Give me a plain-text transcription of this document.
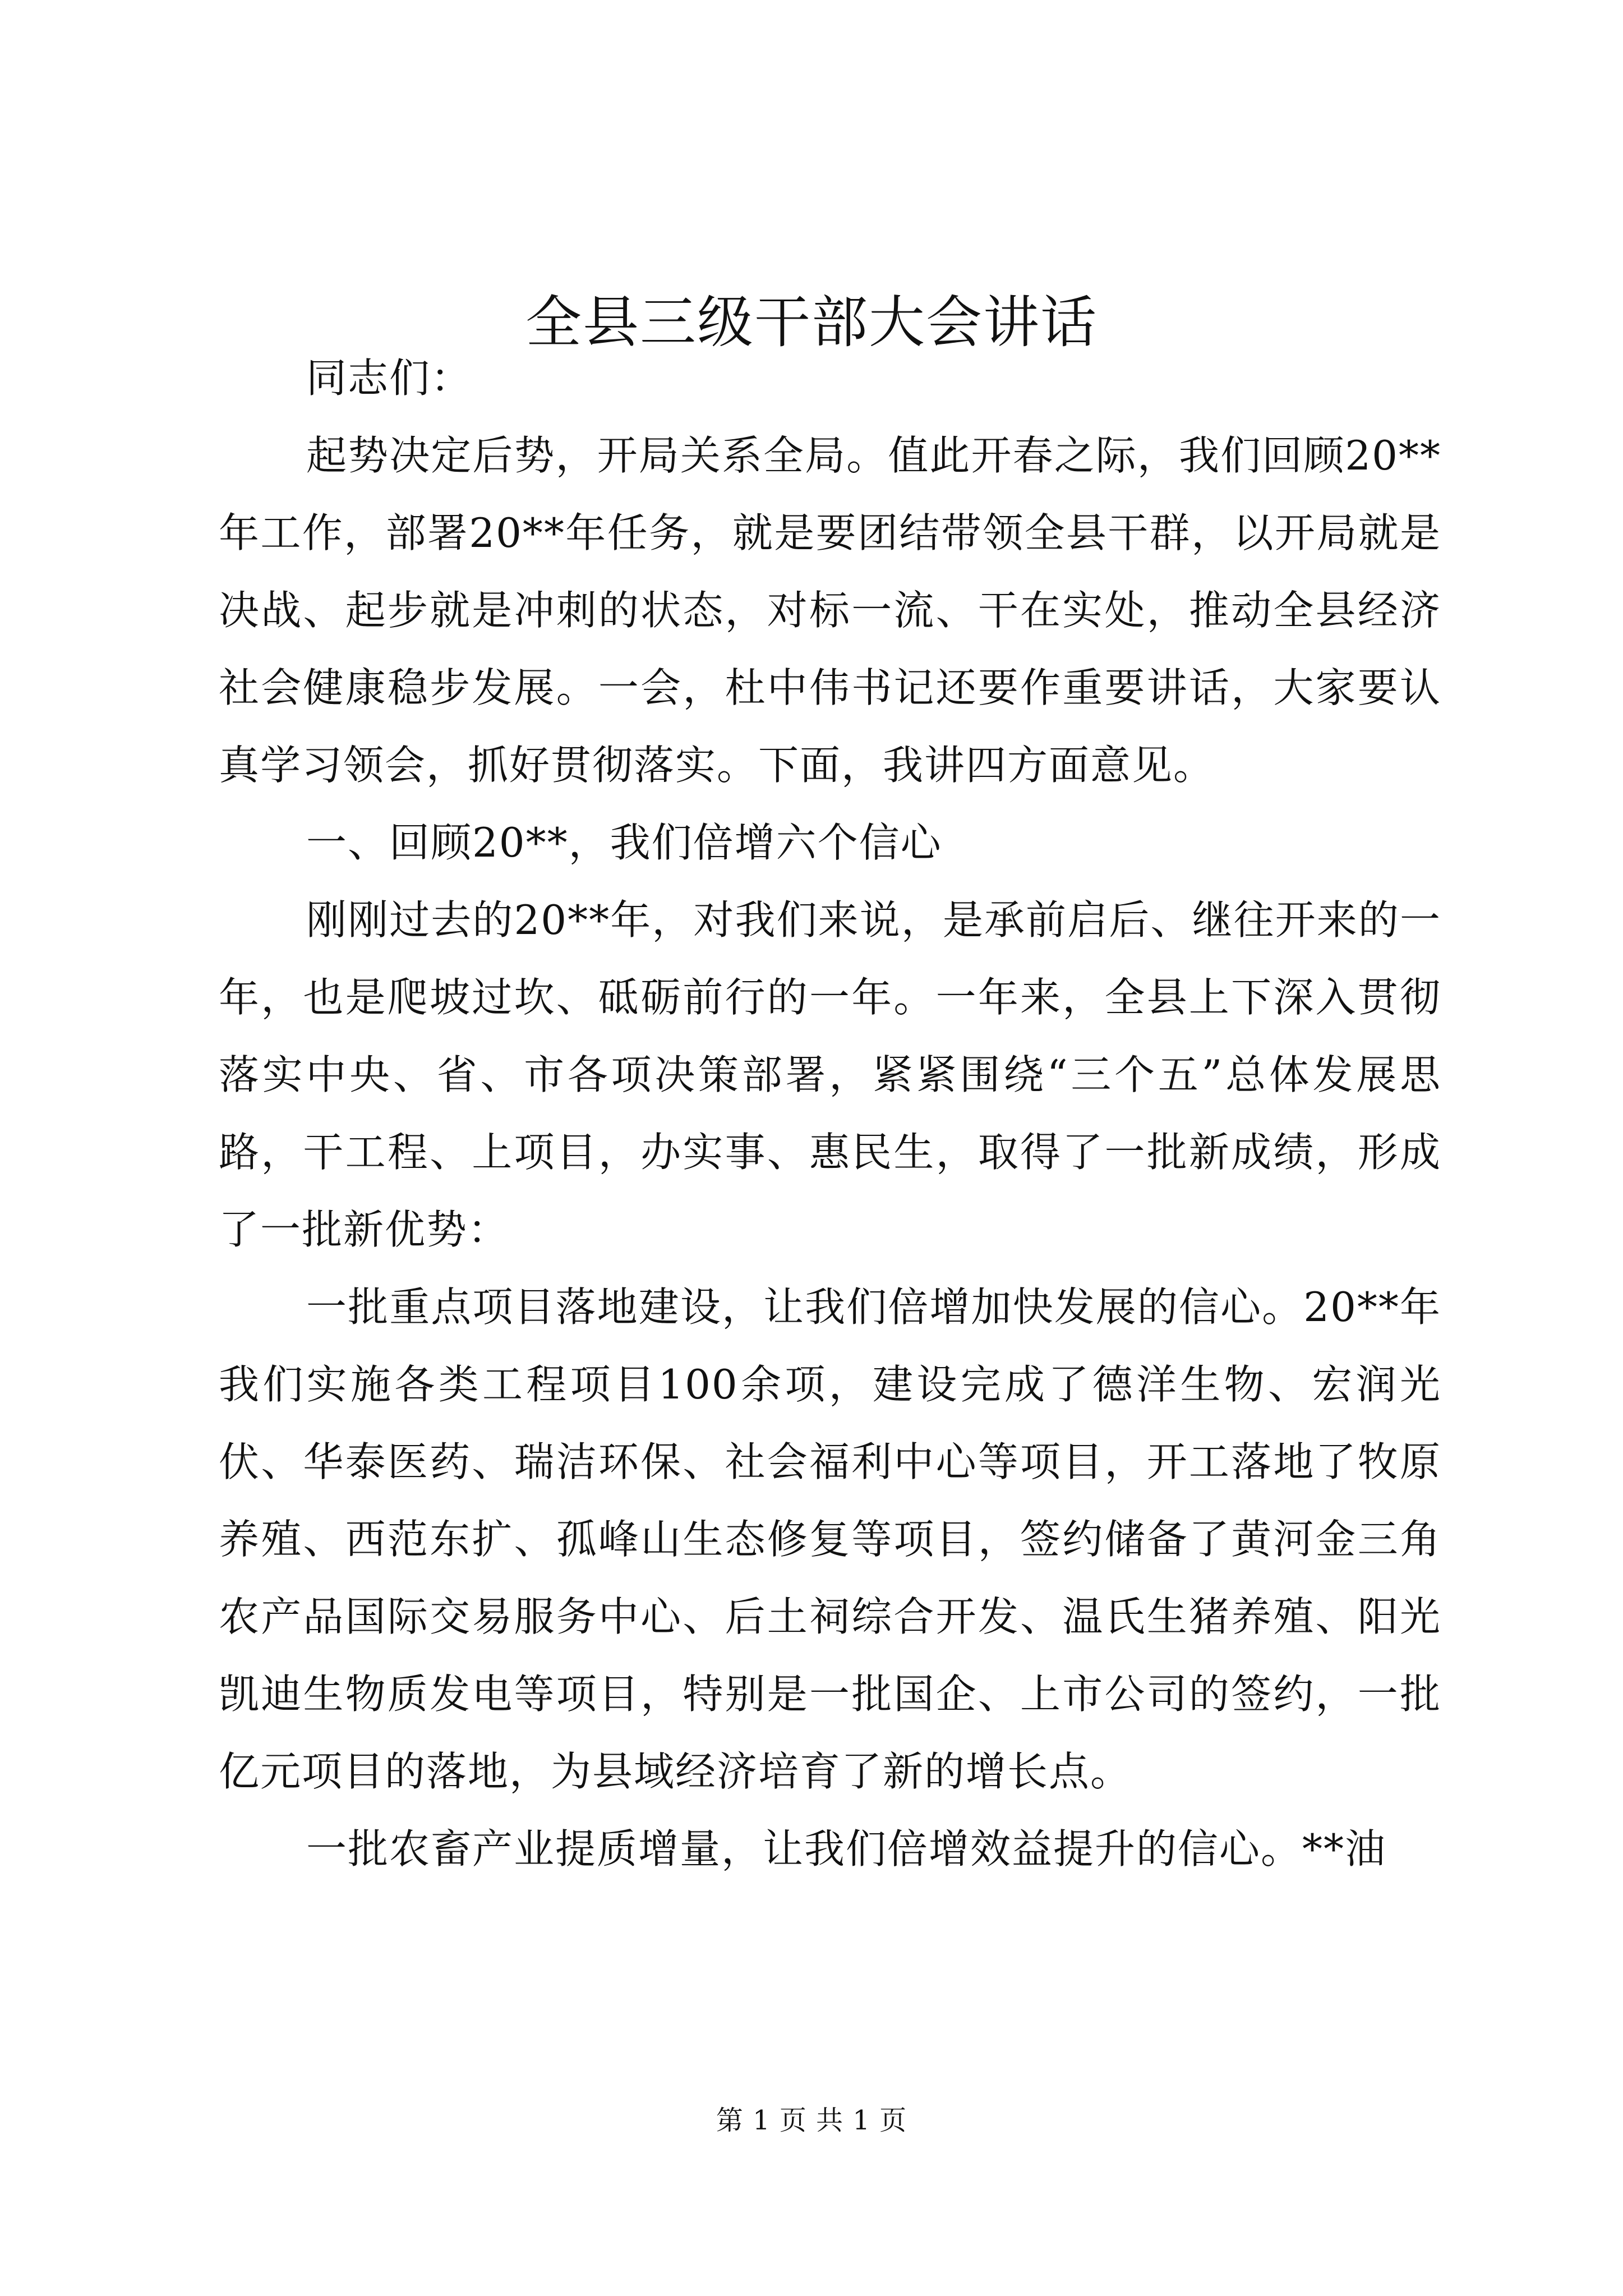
全县三级干部大会讲话

同志们：

起势决定后势，开局关系全局。值此开春之际，我们回顾20**年工作，部署20**年任务，就是要团结带领全县干群，以开局就是决战、起步就是冲刺的状态，对标一流、干在实处，推动全县经济社会健康稳步发展。一会，杜中伟书记还要作重要讲话，大家要认真学习领会，抓好贯彻落实。下面，我讲四方面意见。

一、回顾20**，我们倍增六个信心

刚刚过去的20**年，对我们来说，是承前启后、继往开来的一年，也是爬坡过坎、砥砺前行的一年。一年来，全县上下深入贯彻落实中央、省、市各项决策部署，紧紧围绕“三个五”总体发展思路，干工程、上项目，办实事、惠民生，取得了一批新成绩，形成了一批新优势：

一批重点项目落地建设，让我们倍增加快发展的信心。20**年我们实施各类工程项目100余项，建设完成了德洋生物、宏润光伏、华泰医药、瑞洁环保、社会福利中心等项目，开工落地了牧原养殖、西范东扩、孤峰山生态修复等项目，签约储备了黄河金三角农产品国际交易服务中心、后土祠综合开发、温氏生猪养殖、阳光凯迪生物质发电等项目，特别是一批国企、上市公司的签约，一批亿元项目的落地，为县域经济培育了新的增长点。

一批农畜产业提质增量，让我们倍增效益提升的信心。**油

第 1 页 共 1 页
